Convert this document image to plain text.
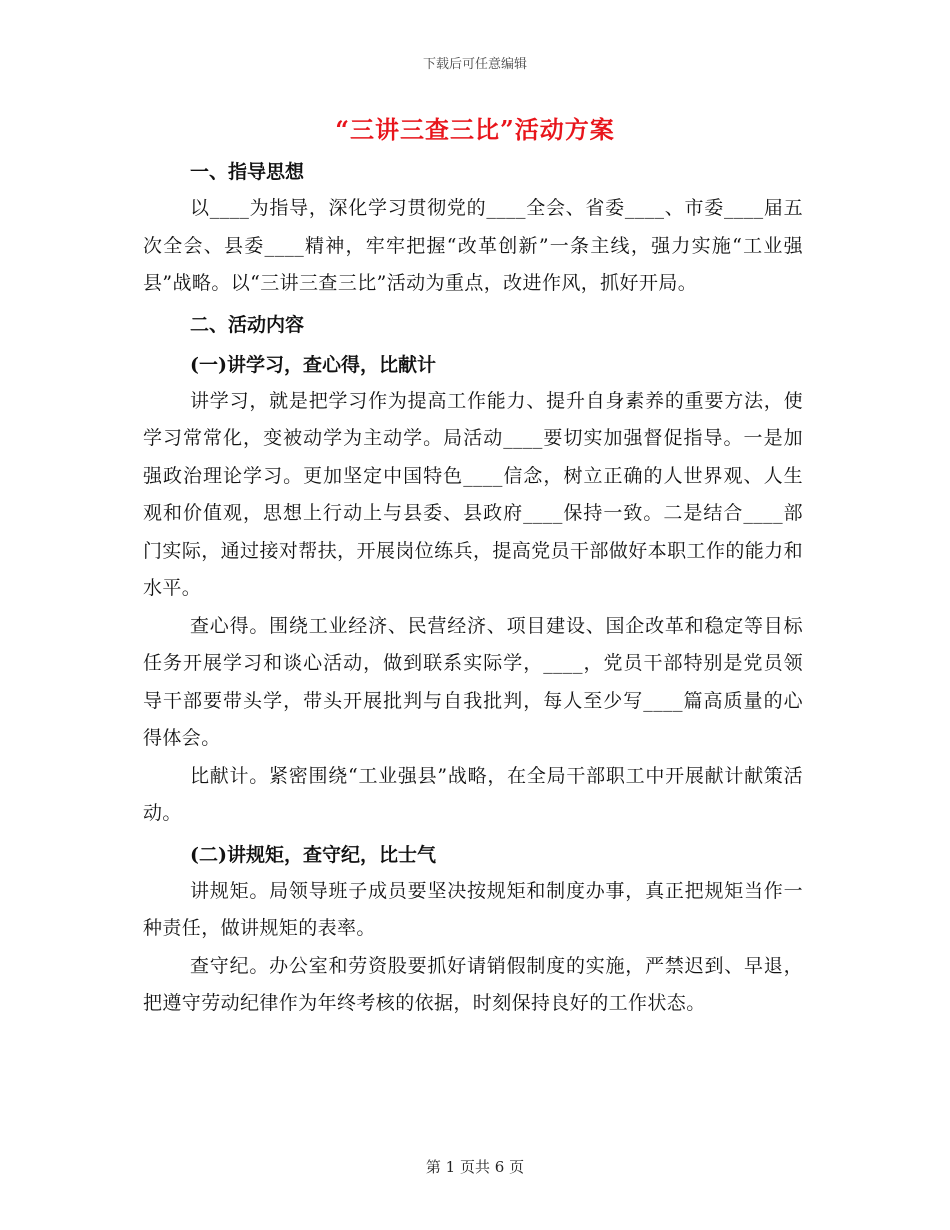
下载后可任意编辑
“三讲三查三比”活动方案
一、指导思想

以____为指导，深化学习贯彻党的____全会、省委____、市委____届五次全会、县委____精神，牢牢把握“改革创新”一条主线，强力实施“工业强县”战略。以“三讲三查三比”活动为重点，改进作风，抓好开局。

二、活动内容
(一)讲学习，查心得，比献计

讲学习，就是把学习作为提高工作能力、提升自身素养的重要方法，使学习常常化，变被动学为主动学。局活动____要切实加强督促指导。一是加强政治理论学习。更加坚定中国特色____信念，树立正确的人世界观、人生观和价值观，思想上行动上与县委、县政府____保持一致。二是结合____部门实际，通过接对帮扶，开展岗位练兵，提高党员干部做好本职工作的能力和水平。

查心得。围绕工业经济、民营经济、项目建设、国企改革和稳定等目标任务开展学习和谈心活动，做到联系实际学，____，党员干部特别是党员领导干部要带头学，带头开展批判与自我批判，每人至少写____篇高质量的心得体会。

比献计。紧密围绕“工业强县”战略，在全局干部职工中开展献计献策活动。

(二)讲规矩，查守纪，比士气

讲规矩。局领导班子成员要坚决按规矩和制度办事，真正把规矩当作一种责任，做讲规矩的表率。

查守纪。办公室和劳资股要抓好请销假制度的实施，严禁迟到、早退，把遵守劳动纪律作为年终考核的依据，时刻保持良好的工作状态。

第 1 页共 6 页
